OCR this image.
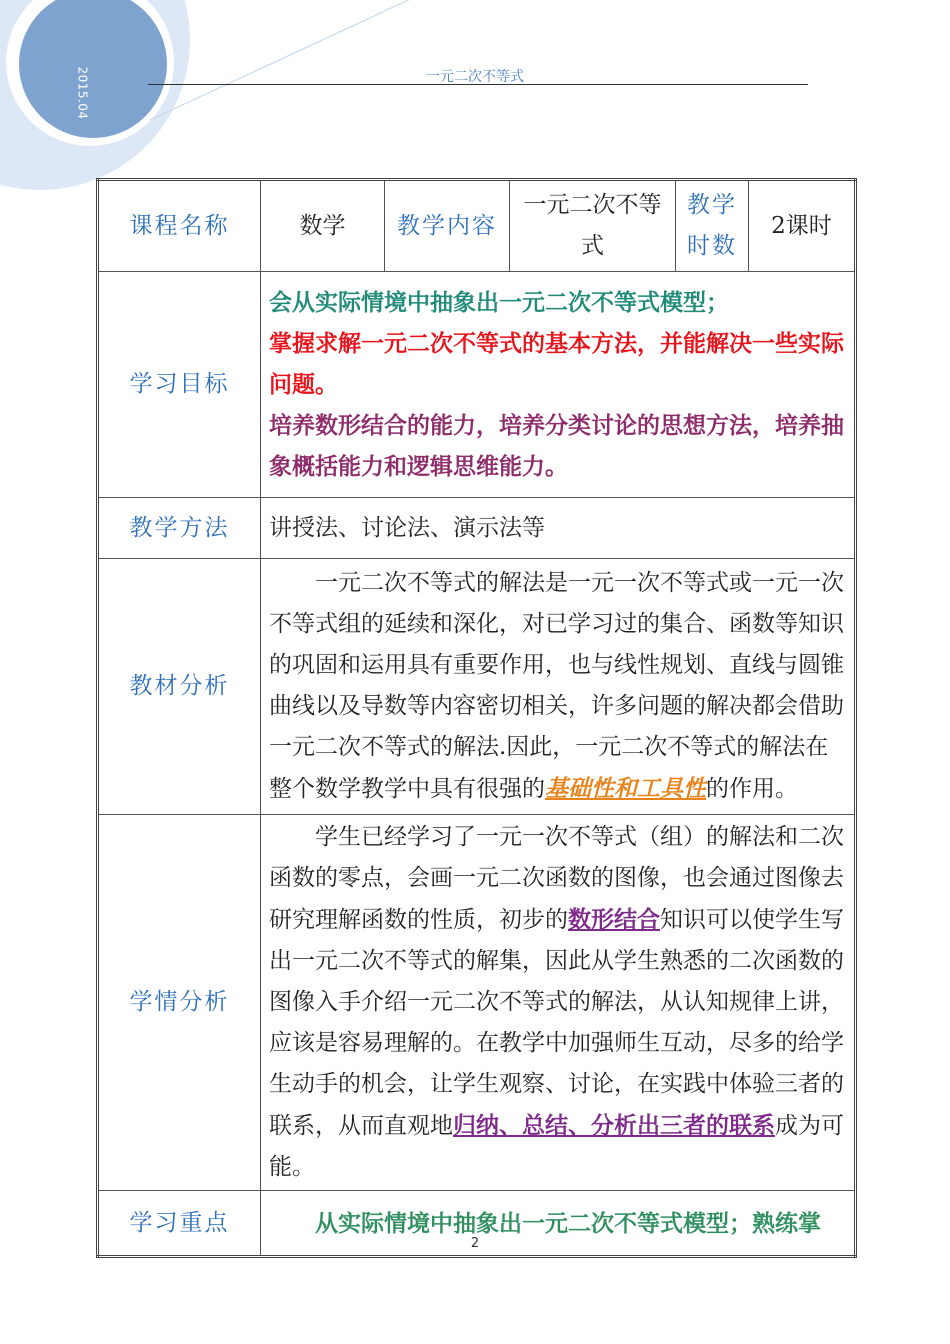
2015.04	一元二次不等式
课程名称	数学	教学内容	一元二次不等式	教学时数	2课时
学习目标	会从实际情境中抽象出一元二次不等式模型；
掌握求解一元二次不等式的基本方法，并能解决一些实际问题。
培养数形结合的能力，培养分类讨论的思想方法，培养抽象概括能力和逻辑思维能力。				

教学方法	讲授法、讨论法、演示法等				
教材分析	一元二次不等式的解法是一元一次不等式或一元一次不等式组的延续和深化，对已学习过的集合、函数等知识的巩固和运用具有重要作用，也与线性规划、直线与圆锥曲线以及导数等内容密切相关，许多问题的解决都会借助一元二次不等式的解法.因此，一元二次不等式的解法在整个数学教学中具有很强的基础性和工具性的作用。				
学情分析	学生已经学习了一元一次不等式（组）的解法和二次函数的零点，会画一元二次函数的图像，也会通过图像去研究理解函数的性质，初步的数形结合知识可以使学生写出一元二次不等式的解集，因此从学生熟悉的二次函数的图像入手介绍一元二次不等式的解法，从认知规律上讲，应该是容易理解的。在教学中加强师生互动，尽多的给学生动手的机会，让学生观察、讨论，在实践中体验三者的联系，从而直观地归纳、总结、分析出三者的联系成为可能。				
学习重点	从实际情境中抽象出一元二次不等式模型；熟练掌				
2
